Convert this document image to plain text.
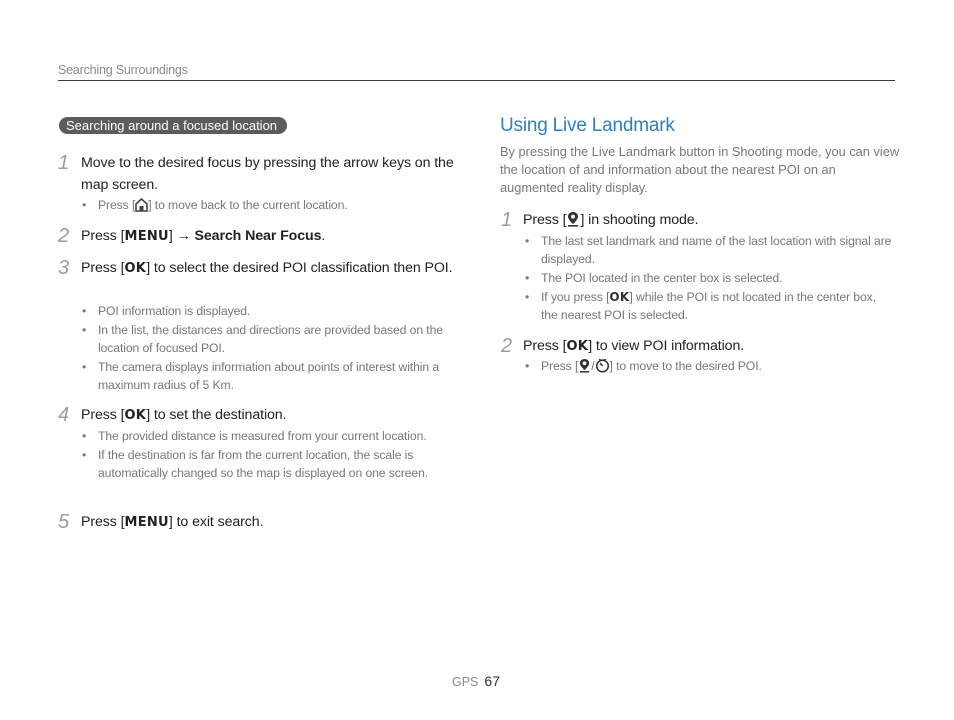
Searching Surroundings
Searching around a focused location
1 Move to the desired focus by pressing the arrow keys on the map screen.
• Press [ ] to move back to the current location.
2 Press [MENU] → Search Near Focus.
3 Press [OK] to select the desired POI classification then POI.
• POI information is displayed.
• In the list, the distances and directions are provided based on the location of focused POI.
• The camera displays information about points of interest within a maximum radius of 5 Km.
4 Press [OK] to set the destination.
• The provided distance is measured from your current location.
• If the destination is far from the current location, the scale is automatically changed so the map is displayed on one screen.
5 Press [MENU] to exit search.
Using Live Landmark
By pressing the Live Landmark button in Shooting mode, you can view the location of and information about the nearest POI on an augmented reality display.
1 Press [ ] in shooting mode.
• The last set landmark and name of the last location with signal are displayed.
• The POI located in the center box is selected.
• If you press [OK] while the POI is not located in the center box, the nearest POI is selected.
2 Press [OK] to view POI information.
• Press [ / ] to move to the desired POI.
GPS 67
